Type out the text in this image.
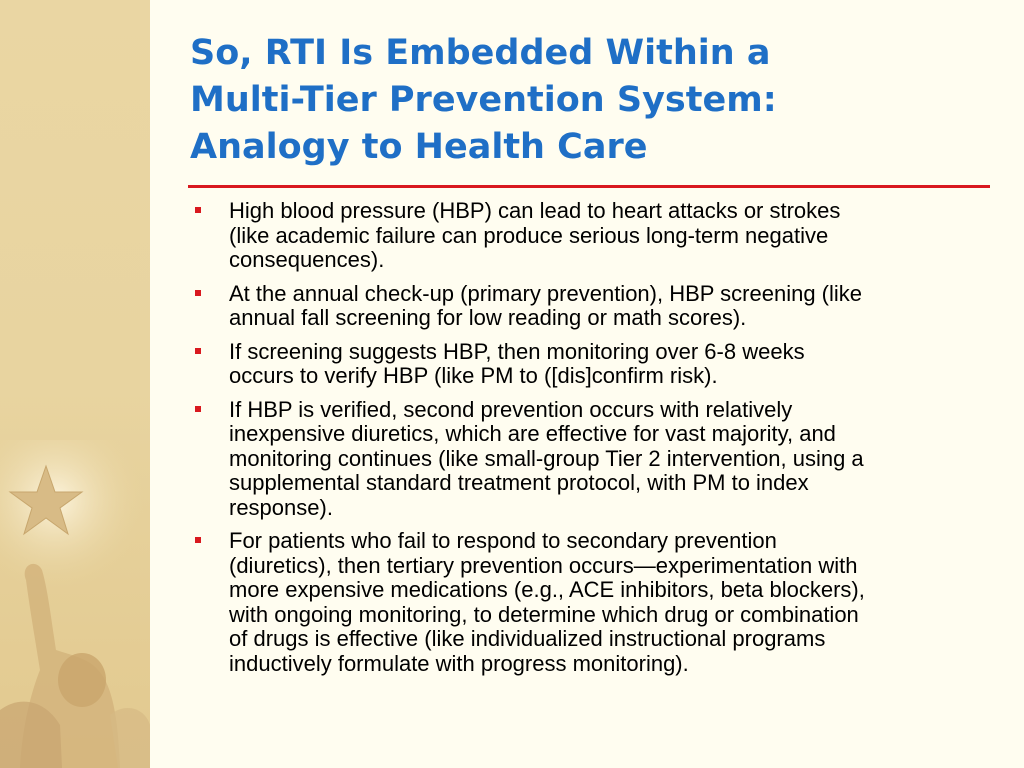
So, RTI Is Embedded Within a
Multi-Tier Prevention System:
Analogy to Health Care
High blood pressure (HBP) can lead to heart attacks or strokes
(like academic failure can produce serious long-term negative
consequences).
At the annual check-up (primary prevention), HBP screening (like
annual fall screening for low reading or math scores).
If screening suggests HBP, then monitoring over 6-8 weeks
occurs to verify HBP (like PM to ([dis]confirm risk).
If HBP is verified, second prevention occurs with relatively
inexpensive diuretics, which are effective for vast majority, and
monitoring continues (like small-group Tier 2 intervention, using a
supplemental standard treatment protocol, with PM to index
response).
For patients who fail to respond to secondary prevention
(diuretics), then tertiary prevention occurs—experimentation with
more expensive medications (e.g., ACE inhibitors, beta blockers),
with ongoing monitoring, to determine which drug or combination
of drugs is effective (like individualized instructional programs
inductively formulate with progress monitoring).
